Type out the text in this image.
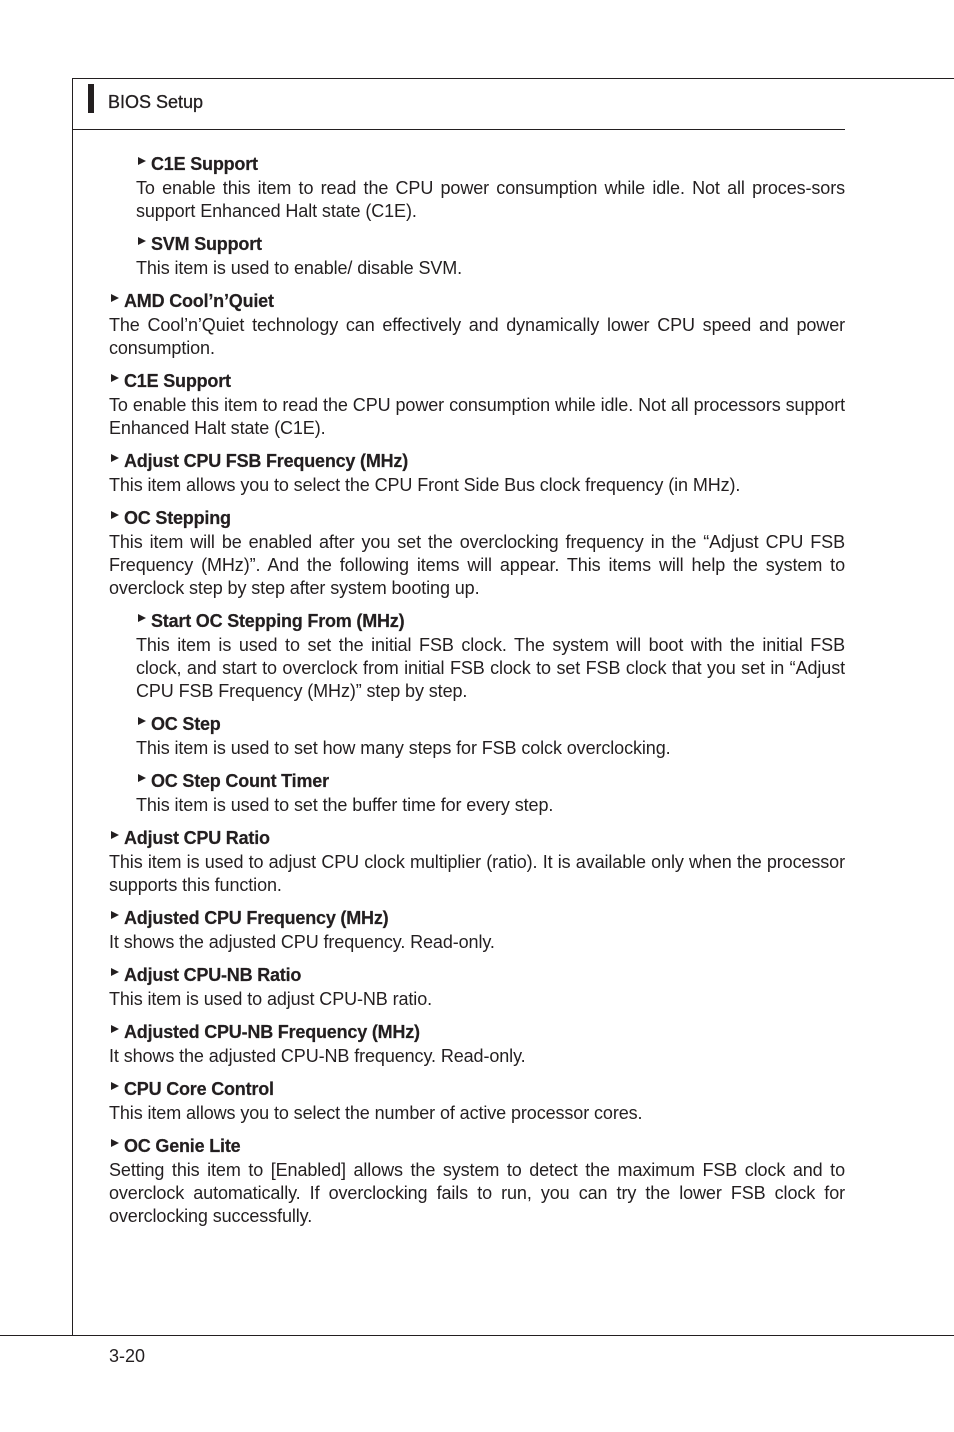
BIOS Setup
C1E Support

To enable this item to read the CPU power consumption while idle. Not all proces-sors support Enhanced Halt state (C1E).

SVM Support

This item is used to enable/ disable SVM.

AMD Cool’n’Quiet

The Cool’n’Quiet technology can effectively and dynamically lower CPU speed and power consumption.

C1E Support

To enable this item to read the CPU power consumption while idle. Not all processors support Enhanced Halt state (C1E).

Adjust CPU FSB Frequency (MHz)

This item allows you to select the CPU Front Side Bus clock frequency (in MHz).

OC Stepping

This item will be enabled after you set the overclocking frequency in the “Adjust CPU FSB Frequency (MHz)”. And the following items will appear. This items will help the system to overclock step by step after system booting up.

Start OC Stepping From (MHz)

This item is used to set the initial FSB clock. The system will boot with the initial FSB clock, and start to overclock from initial FSB clock to set FSB clock that you set in “Adjust CPU FSB Frequency (MHz)” step by step.

OC Step

This item is used to set how many steps for FSB colck overclocking.

OC Step Count Timer

This item is used to set the buffer time for every step.

Adjust CPU Ratio

This item is used to adjust CPU clock multiplier (ratio). It is available only when the processor supports this function.

Adjusted CPU Frequency (MHz)

It shows the adjusted CPU frequency. Read-only.

Adjust CPU-NB Ratio

This item is used to adjust CPU-NB ratio.

Adjusted CPU-NB Frequency (MHz)

It shows the adjusted CPU-NB frequency. Read-only.

CPU Core Control

This item allows you to select the number of active processor cores.

OC Genie Lite

Setting this item to [Enabled] allows the system to detect the maximum FSB clock and to overclock automatically. If overclocking fails to run, you can try the lower FSB clock for overclocking successfully.

3-20
